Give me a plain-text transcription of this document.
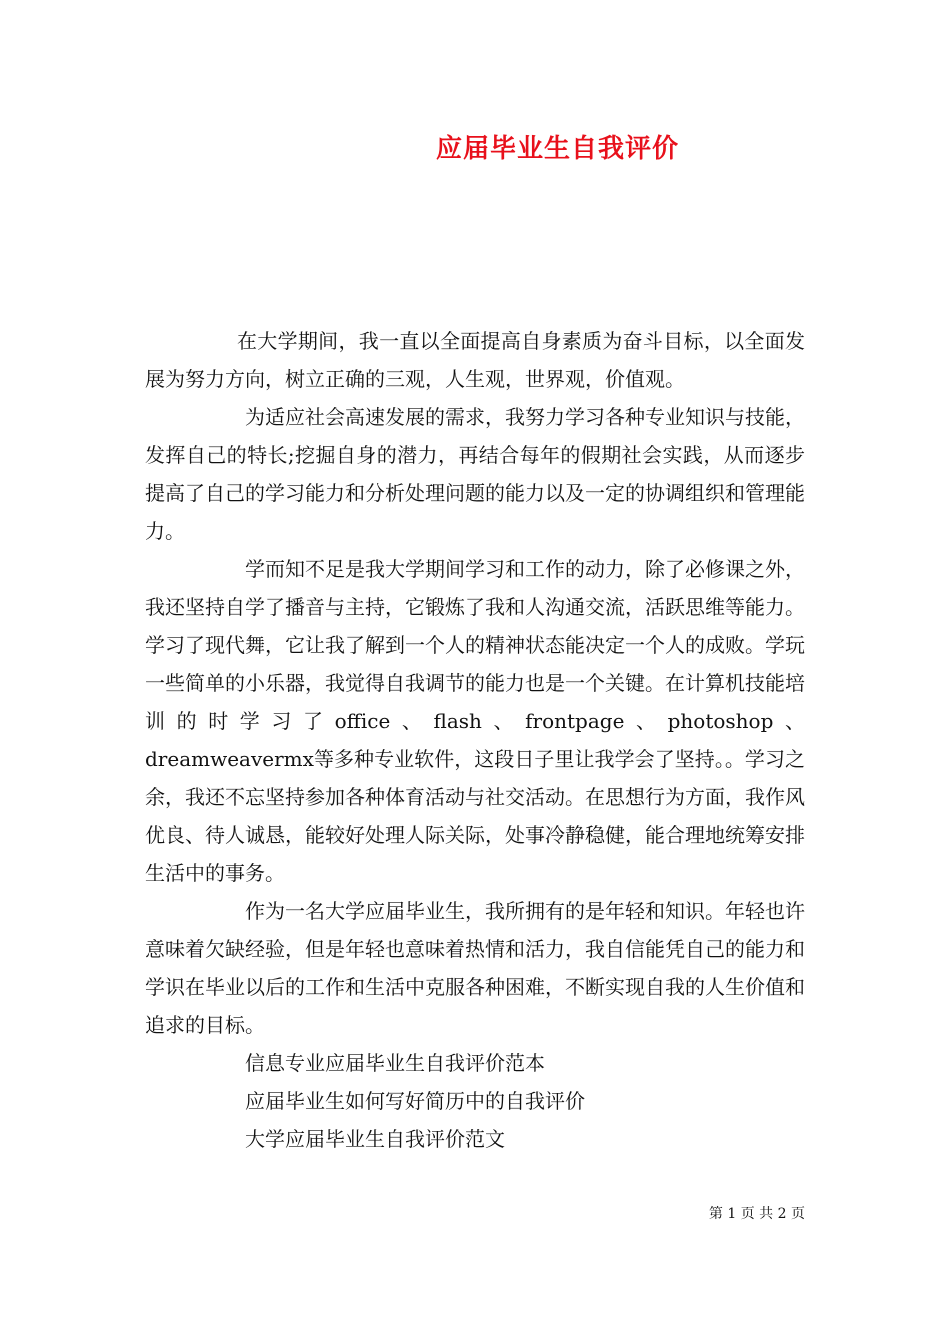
应届毕业生自我评价

在大学期间，我一直以全面提高自身素质为奋斗目标，以全面发展为努力方向，树立正确的三观，人生观，世界观，价值观。

为适应社会高速发展的需求，我努力学习各种专业知识与技能，发挥自己的特长;挖掘自身的潜力，再结合每年的假期社会实践，从而逐步提高了自己的学习能力和分析处理问题的能力以及一定的协调组织和管理能力。

学而知不足是我大学期间学习和工作的动力，除了必修课之外，我还坚持自学了播音与主持，它锻炼了我和人沟通交流，活跃思维等能力。学习了现代舞，它让我了解到一个人的精神状态能决定一个人的成败。学玩一些简单的小乐器，我觉得自我调节的能力也是一个关键。在计算机技能培训的时学习了office、flash、frontpage、photoshop、dreamweavermx等多种专业软件，这段日子里让我学会了坚持。。学习之余，我还不忘坚持参加各种体育活动与社交活动。在思想行为方面，我作风优良、待人诚恳，能较好处理人际关际，处事冷静稳健，能合理地统筹安排生活中的事务。

作为一名大学应届毕业生，我所拥有的是年轻和知识。年轻也许意味着欠缺经验，但是年轻也意味着热情和活力，我自信能凭自己的能力和学识在毕业以后的工作和生活中克服各种困难，不断实现自我的人生价值和追求的目标。

信息专业应届毕业生自我评价范本

应届毕业生如何写好简历中的自我评价

大学应届毕业生自我评价范文

第 1 页 共 2 页
